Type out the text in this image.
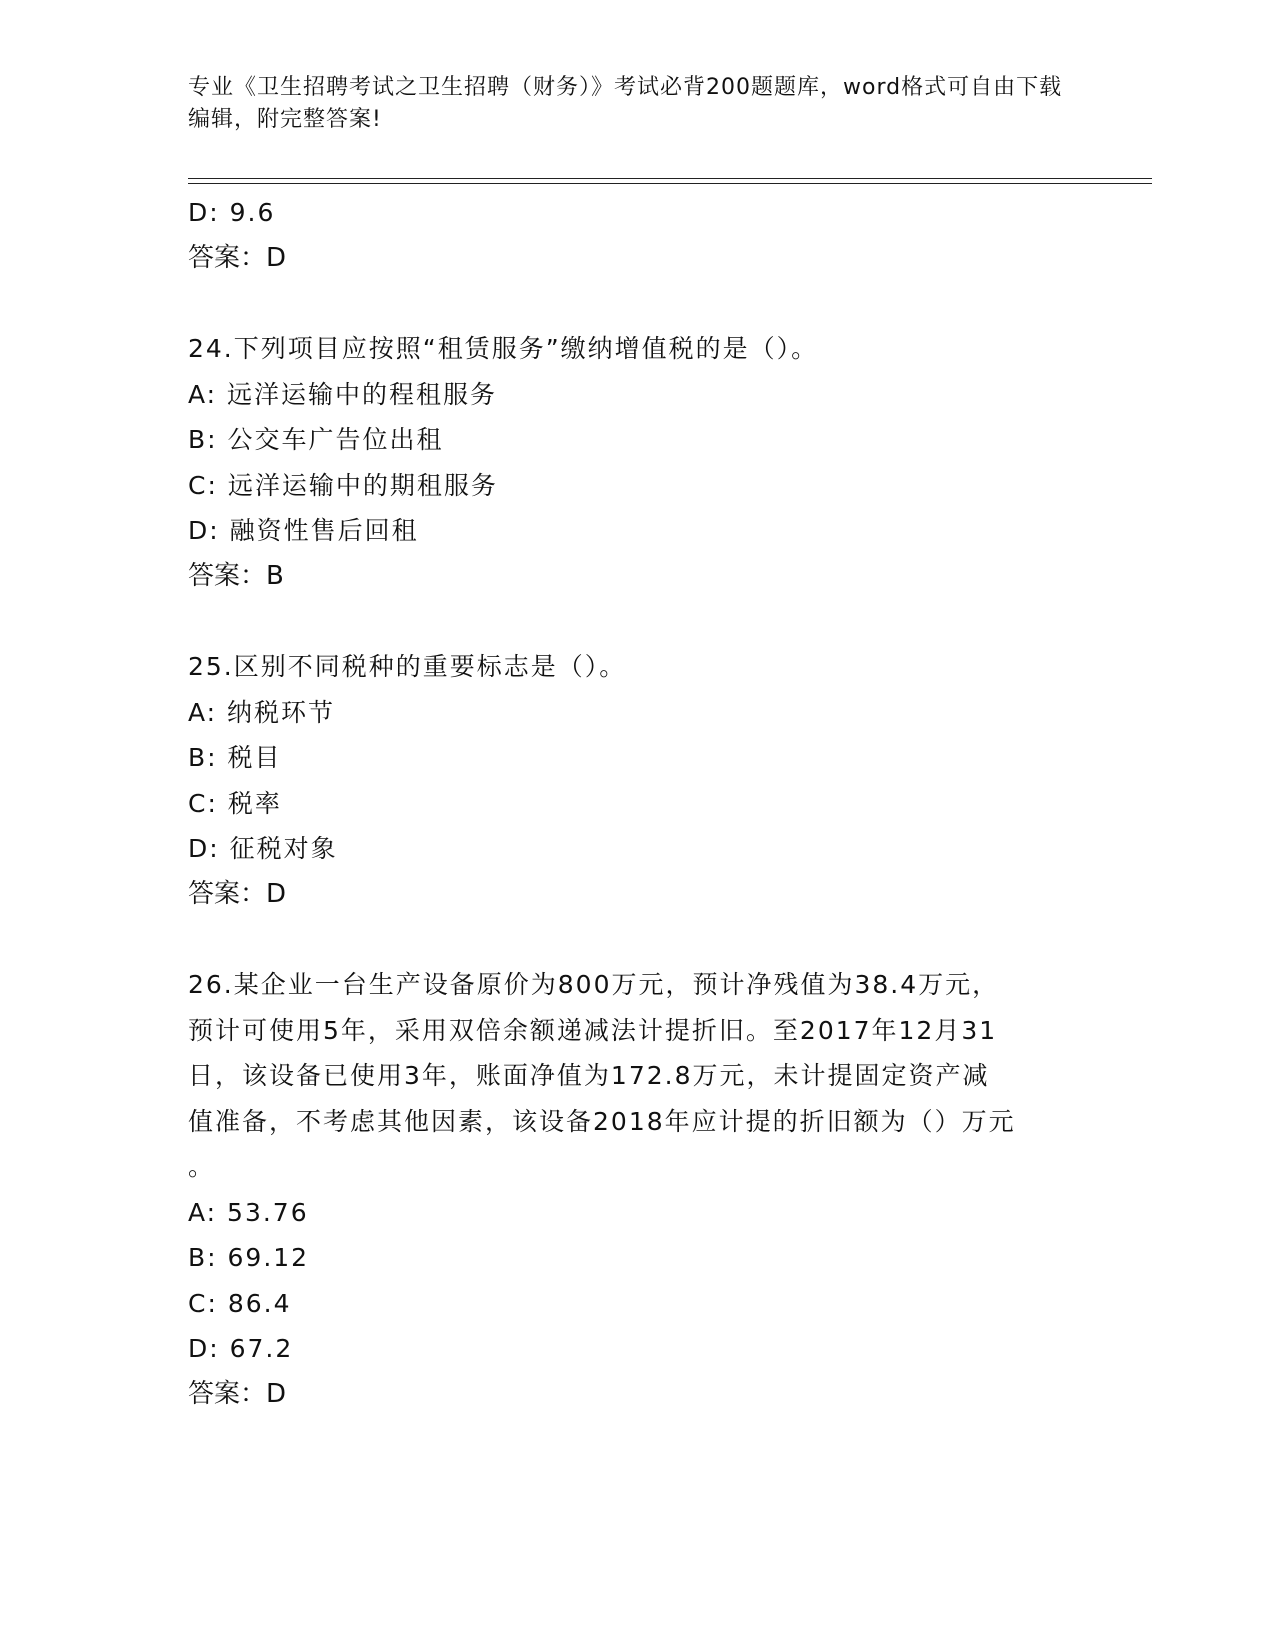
专业《卫生招聘考试之卫生招聘（财务）》考试必背200题题库，word格式可自由下载编辑，附完整答案!
D: 9.6
答案：D
24.下列项目应按照“租赁服务”缴纳增值税的是（）。
A: 远洋运输中的程租服务
B: 公交车广告位出租
C: 远洋运输中的期租服务
D: 融资性售后回租
答案：B
25.区别不同税种的重要标志是（）。
A: 纳税环节
B: 税目
C: 税率
D: 征税对象
答案：D
26.某企业一台生产设备原价为800万元，预计净残值为38.4万元，
预计可使用5年，采用双倍余额递减法计提折旧。至2017年12月31
日，该设备已使用3年，账面净值为172.8万元，未计提固定资产减
值准备，不考虑其他因素，该设备2018年应计提的折旧额为（）万元
。
A: 53.76
B: 69.12
C: 86.4
D: 67.2
答案：D
